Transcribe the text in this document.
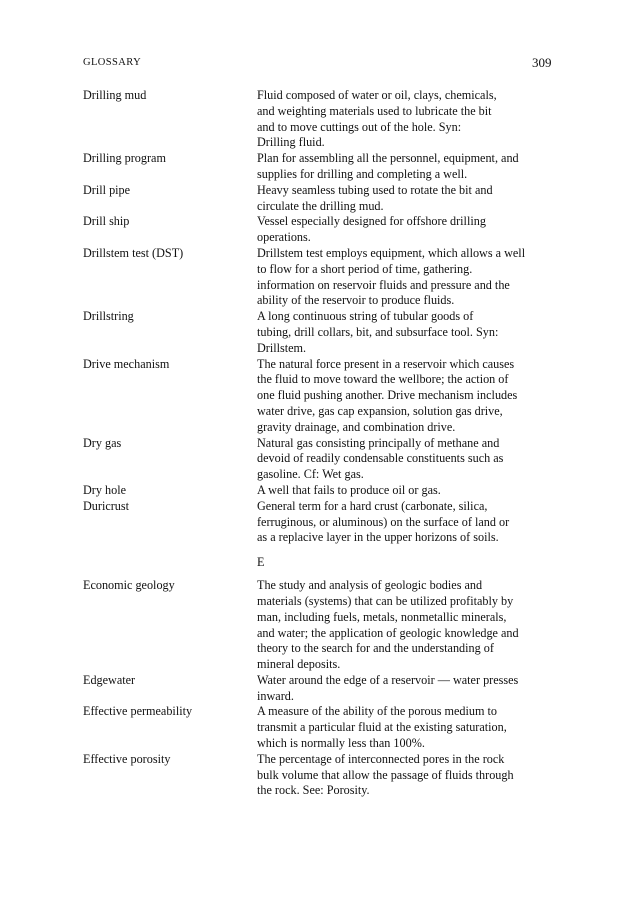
GLOSSARY	309
Drilling mud	Fluid composed of water or oil, clays, chemicals,
and weighting materials used to lubricate the bit
and to move cuttings out of the hole. Syn:
Drilling fluid.
Drilling program	Plan for assembling all the personnel, equipment, and
supplies for drilling and completing a well.
Drill pipe	Heavy seamless tubing used to rotate the bit and
circulate the drilling mud.
Drill ship	Vessel especially designed for offshore drilling
operations.
Drillstem test (DST)	Drillstem test employs equipment, which allows a well
to flow for a short period of time, gathering.
information on reservoir fluids and pressure and the
ability of the reservoir to produce fluids.
Drillstring	A long continuous string of tubular goods of
tubing, drill collars, bit, and subsurface tool. Syn:
Drillstem.
Drive mechanism	The natural force present in a reservoir which causes
the fluid to move toward the wellbore; the action of
one fluid pushing another. Drive mechanism includes
water drive, gas cap expansion, solution gas drive,
gravity drainage, and combination drive.
Dry gas	Natural gas consisting principally of methane and
devoid of readily condensable constituents such as
gasoline. Cf: Wet gas.
Dry hole	A well that fails to produce oil or gas.
Duricrust	General term for a hard crust (carbonate, silica,
ferruginous, or aluminous) on the surface of land or
as a replacive layer in the upper horizons of soils.
E
Economic geology	The study and analysis of geologic bodies and
materials (systems) that can be utilized profitably by
man, including fuels, metals, nonmetallic minerals,
and water; the application of geologic knowledge and
theory to the search for and the understanding of
mineral deposits.
Edgewater	Water around the edge of a reservoir — water presses
inward.
Effective permeability	A measure of the ability of the porous medium to
transmit a particular fluid at the existing saturation,
which is normally less than 100%.
Effective porosity	The percentage of interconnected pores in the rock
bulk volume that allow the passage of fluids through
the rock. See: Porosity.
